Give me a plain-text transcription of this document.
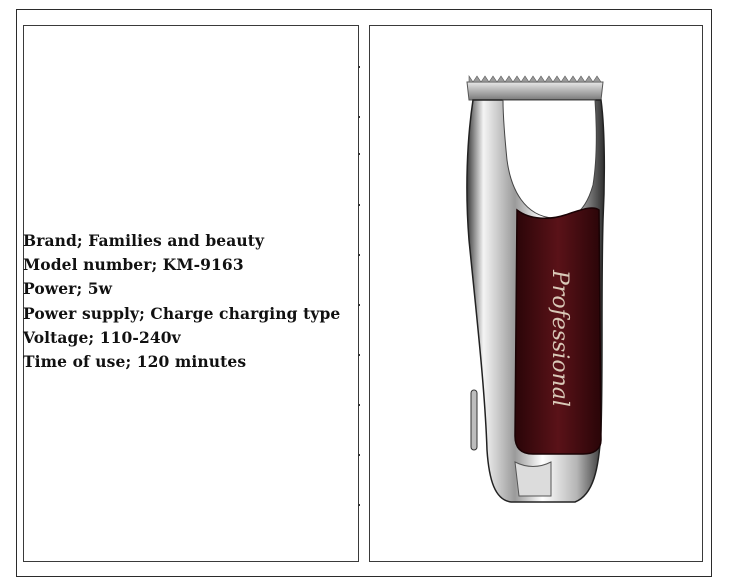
Brand; Families and beauty
Model number; KM-9163
Power; 5w
Power supply; Charge charging type
Voltage; 110-240v
Time of use; 120 minutes	Professional
